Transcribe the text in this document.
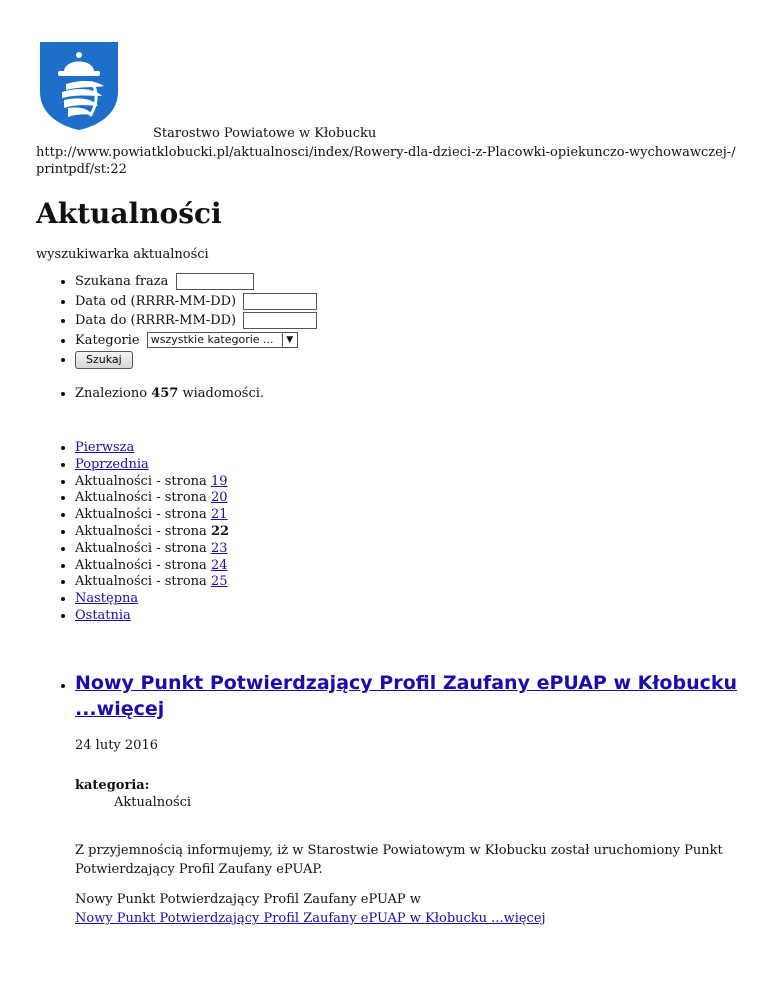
Starostwo Powiatowe w Kłobucku
http://www.powiatklobucki.pl/aktualnosci/index/Rowery-dla-dzieci-z-Placowki-opiekunczo-wychowawczej-/printpdf/st:22
Aktualności
wyszukiwarka aktualności
• Szukana fraza
• Data od (RRRR-MM-DD)
• Data do (RRRR-MM-DD)
• Kategorie wszystkie kategorie ...	▼
• Szukaj
• Znaleziono 457 wiadomości.
• Pierwsza
• Poprzednia
• Aktualności - strona 19
• Aktualności - strona 20
• Aktualności - strona 21
• Aktualności - strona 22
• Aktualności - strona 23
• Aktualności - strona 24
• Aktualności - strona 25
• Następna
• Ostatnia
• Nowy Punkt Potwierdzający Profil Zaufany ePUAP w Kłobucku ...więcej
24 luty 2016
kategoria:
Aktualności
Z przyjemnością informujemy, iż w Starostwie Powiatowym w Kłobucku został uruchomiony Punkt Potwierdzający Profil Zaufany ePUAP.
Nowy Punkt Potwierdzający Profil Zaufany ePUAP w
Nowy Punkt Potwierdzający Profil Zaufany ePUAP w Kłobucku ...więcej
